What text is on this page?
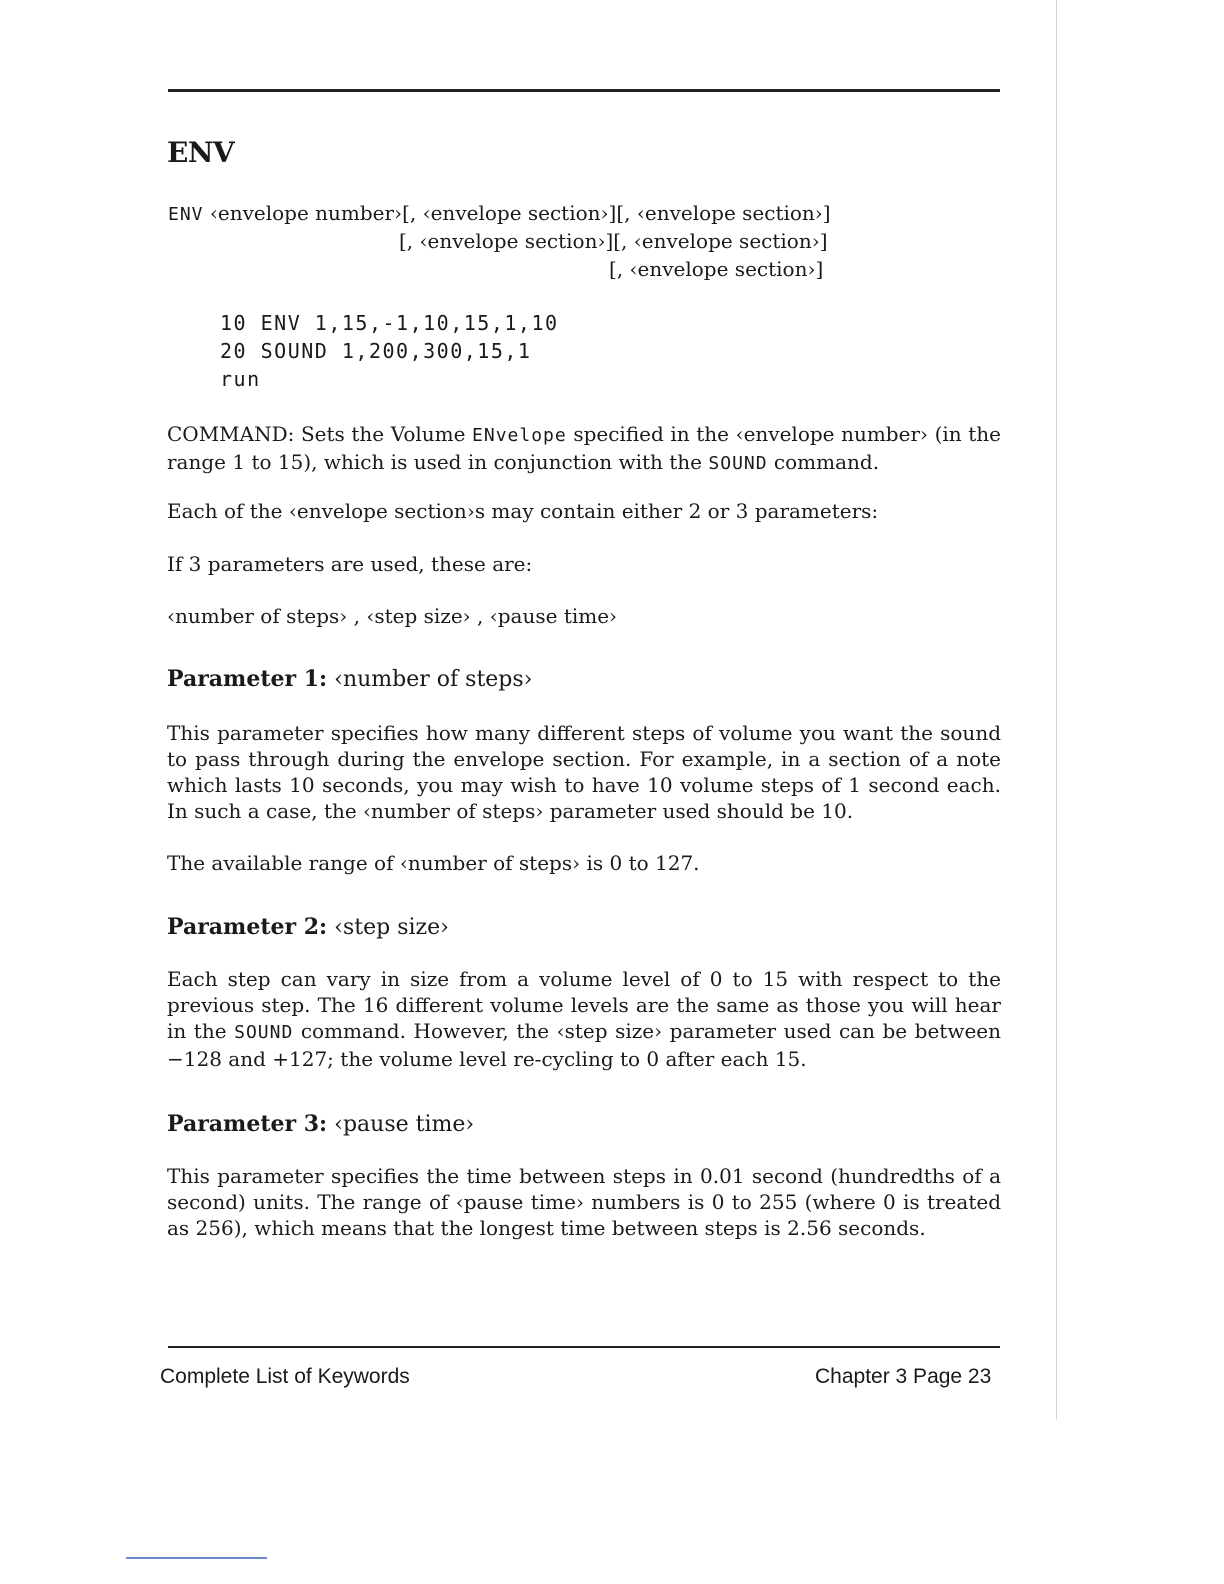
ENV
ENV ‹envelope number›[, ‹envelope section›][, ‹envelope section›]
[, ‹envelope section›][, ‹envelope section›]
[, ‹envelope section›]
10 ENV 1,15,-1,10,15,1,10
20 SOUND 1,200,300,15,1
run
COMMAND: Sets the Volume ENvelope specified in the ‹envelope number› (in the range 1 to 15), which is used in conjunction with the SOUND command.
Each of the ‹envelope section›s may contain either 2 or 3 parameters:
If 3 parameters are used, these are:
‹number of steps› , ‹step size› , ‹pause time›
Parameter 1: ‹number of steps›
This parameter specifies how many different steps of volume you want the sound to pass through during the envelope section. For example, in a section of a note which lasts 10 seconds, you may wish to have 10 volume steps of 1 second each. In such a case, the ‹number of steps› parameter used should be 10.
The available range of ‹number of steps› is 0 to 127.
Parameter 2: ‹step size›
Each step can vary in size from a volume level of 0 to 15 with respect to the previous step. The 16 different volume levels are the same as those you will hear in the SOUND command. However, the ‹step size› parameter used can be between −128 and +127; the volume level re-cycling to 0 after each 15.
Parameter 3: ‹pause time›
This parameter specifies the time between steps in 0.01 second (hundredths of a second) units. The range of ‹pause time› numbers is 0 to 255 (where 0 is treated as 256), which means that the longest time between steps is 2.56 seconds.
Complete List of Keywords	Chapter 3 Page 23
